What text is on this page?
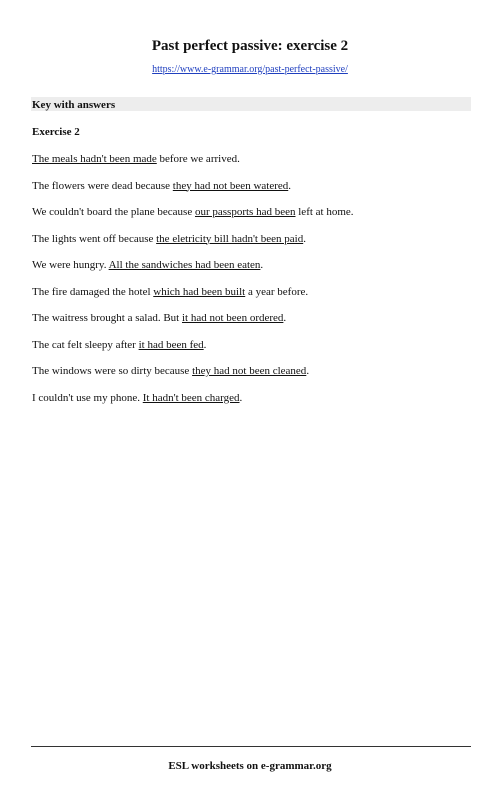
Past perfect passive: exercise 2
https://www.e-grammar.org/past-perfect-passive/
Key with answers
Exercise 2
The meals hadn't been made before we arrived.
The flowers were dead because they had not been watered.
We couldn't board the plane because our passports had been left at home.
The lights went off because the eletricity bill hadn't been paid.
We were hungry. All the sandwiches had been eaten.
The fire damaged the hotel which had been built a year before.
The waitress brought a salad. But it had not been ordered.
The cat felt sleepy after it had been fed.
The windows were so dirty because they had not been cleaned.
I couldn't use my phone. It hadn't been charged.
ESL worksheets on e-grammar.org
